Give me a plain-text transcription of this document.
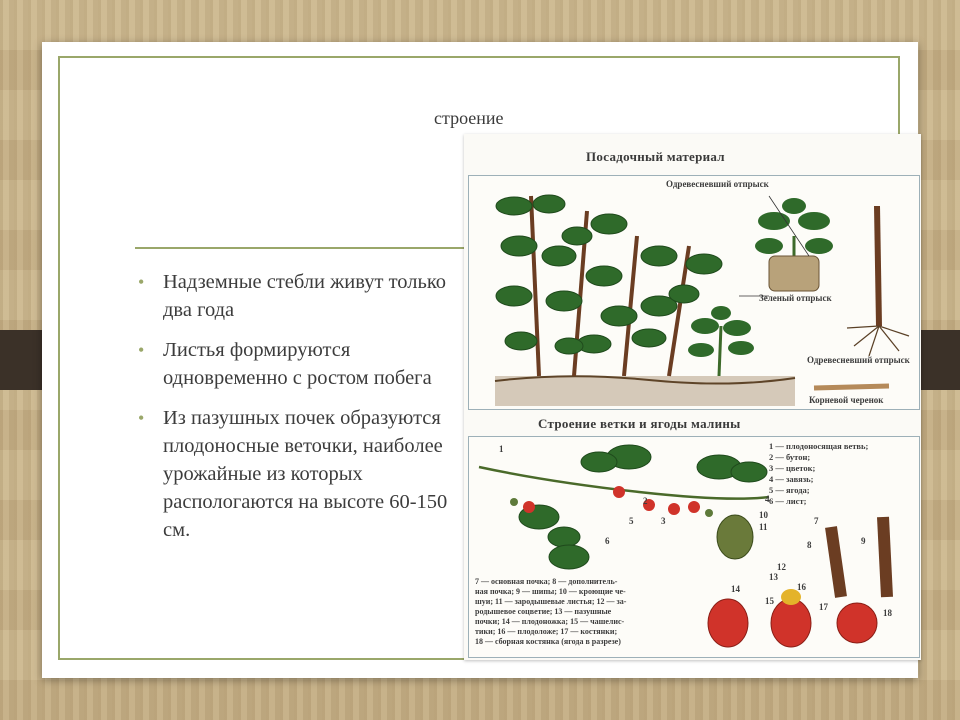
строение
• Надземные стебли живут только два года
• Листья формируются одновременно с ростом побега
• Из пазушных почек образуются плодоносные веточки, наиболее урожайные из которых распологаются на высоте 60-150 см.
Посадочный материал
Одревесневший отпрыск
Зеленый отпрыск
Одревесневший отпрыск
Корневой черенок
Строение ветки и ягоды малины
1 — плодоносящая ветвь;
2 — бутон;
3 — цветок;
4 — завязь;
5 — ягода;
6 — лист;
7 — основная почка; 8 — дополнитель-
ная почка; 9 — шипы; 10 — кроющие че-
шуи; 11 — зародышевые листья; 12 — за-
родышевое соцветие; 13 — пазушные
почки; 14 — плодоножка; 15 — чашелис-
тики; 16 — плодоложе; 17 — костянки;
18 — сборная костянка (ягода в разрезе)
1
2
3
4
5
6
7
8	9
10
11
12
13
14
15
16
17
18
